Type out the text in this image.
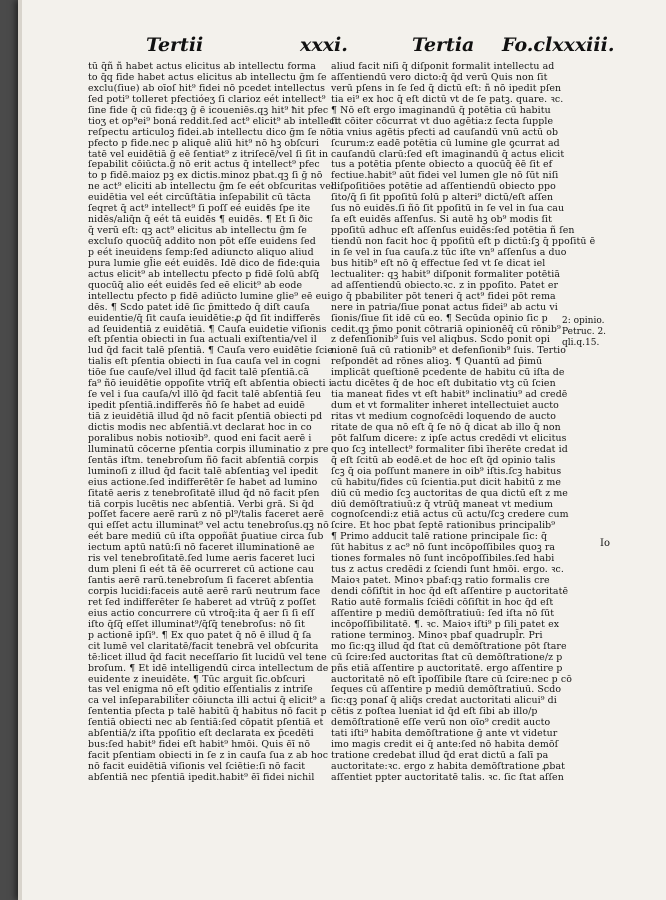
Tertii	xxxi.	Tertia Fo.clxxxiii.
tū q̄ñ ñ habet actus elicitus ab intellectu forma
to q̄q fide habet actus elicitus ab intellectu ḡm ſe
exclu(ſiue) ab oīoſ hit⁹ fidei nō pcedet intellectus
ſed poti⁹ tolleret pfectióeʒ ſi clarioz eét intellect⁹
ſine fide q̄ cū fide:qꝫ ḡ ē icoueniēs.qꝫ hit⁹ ħit pfec
tioʒ et op⁹ei⁹ boná reddit.ſed act⁹ elicit⁹ ab intellect
reſpectu articuloꝫ fidei.ab intellectu dico ḡm ſe nō
pfecto p fide.nec p aliquē aliū hit⁹ nō hꝫ obſcuri
tatē vel euidētiā ḡ eē ſentiat⁹ z itriſecē/vel ſi ſit in
ſepabilit cōiūcta.ḡ nō erit actus q̄ intellect⁹ pfec
to p fidē.maioz pꝫ ex dictis.minoz pbat.qꝫ ſi ḡ nō
ne act⁹ eliciti ab intellectu ḡm ſe eét obſcuritas vel
euidētia vel eét circūſtātia inſepabilit cū tācta
ſeqret q̄ act⁹ intellect⁹ ſi poſſ eé euidēs ſpe ite
nidēs/aliq̄n q̄ eét tā euidēs ¶ euidēs. ¶ Et ſi ðic
q̄ verū eſt: qꝫ act⁹ elicitus ab intellectu ḡm ſe
excluſo quocūq̄ addito non pōt eſſe euidens ſed
p eét ineuidens ſemp:ſed adiuncto aliquo aliud
pura lumie gl̄ie eét euidēs. Idē dico de fide:quia
actus elicit⁹ ab intellectu pfecto p fidē ſolū abſq̄
quocūq̄ alio eét euidēs ſed eē elicit⁹ ab eode
intellectu pfecto p fidē adiūcto lumine glie⁹ eē eui
dēs. ¶ Scdo patet idē ſic p̄mittedo q̄ diſt cauſa
euidentie/q̄ ſit cauſa ieuidētie:ꝓ q̄d ſit indifferēs
ad ſeuidentiā z euidētiā. ¶ Cauſa euidetie viſionis
eſt pſentia obiecti in ſua actuali exiſtentia/vel il
lud q̄d facit talē pſentiā. ¶ Cauſa vero euidētie ſcie
tialis eſt pſentia obiecti in ſua cauſa vel in cogni
tiōe ſue cauſe/vel illud q̄d facit talē pſentiā.cā
fa⁹ ñō ieuidētie oppoſite vtrīq̄ eſt abſentia obiecti i
ſe vel i ſua cauſa/vl illō q̄d facit talē abſentiā ſeu
ipedit pſentiā.indifferēs ñō ſe habet ad euidē
tiā z ieuidētiā illud q̄d nō facit pſentiā obiecti pd
dictis modis nec abſentiā.vt declarat hoc in co
poralibus nobis notioꝛib⁹. quod eni facit aerē i
lluminatū cōcerne pſentia corpis illuminatio z pre
ſentās iſtm. tenebroſum ñō facit abſentiā corpis
luminoſi z illud q̄d facit talē abſentiaꝫ vel ipedit
eius actione.ſed indifferētēr ſe habet ad lumino
ſitatē aeris z tenebroſitatē illud q̄d nō facit pſen
tiā corpis lucētis nec abſentiā. Verbi grā. Si q̄d
poſſet facere aerē rarū z nō pl⁹/talis faceret aerē
qui eſſet actu illuminat⁹ vel actu tenebroſus.qꝫ nō
eét bare mediū cū iſta oppoñāt p̄uatiue circa ſub
iectum aptū natū:ſi nō faceret illuminationē ae
ris vel tenebroſitatē.ſed lume aeris faceret luci
dum pleni ſi eét tā ēē ocurreret cū actione cau
ſantis aerē rarū.tenebroſum ſi faceret abſentia
corpis lucidi:faceis autē aerē rarū neutrum face
ret ſed indifferēter ſe haberet ad vtrūq̄ z poſſet
eius actio concurrere cū vtroq̄:ita q̄ aer ſi ſi eſſ
iſto q̄ſq̄ eſſet illuminat⁹/q̄ſq̄ tenebroſus: nō ſit
p actionē ipſi⁹. ¶ Ex quo patet q̄ nō ē illud q̄ ſa
cit lumē vel claritatē/facit tenebrā vel obſcurita
tē:licet illud q̄d facit neceſſario ſit lucidū vel tene
broſum. ¶ Et idē intelligendū circa intellectum de
euidente z ineuidēte. ¶ Tūc arguit ſic.obſcuri
tas vel enigma nō eſt ꝯditio eſſentialis z intriſe
ca vel inſeparabilit̄er cōiuncta illi actui q̄ elicit⁹ a
ſententia pſecta p talē habitū q̄ habitus nō facit p
ſentiā obiecti nec ab ſentiā:ſed cōpatit pſentiā et
abſentiā/z iſta ppoſitio eſt declarata ex p̄cedēti
bus:ſed habit⁹ fidei eſt habit⁹ hmōi. Quis ēī nō
facit pſentiam obiecti in ſe z in cauſa ſua z ab hoc
nō facit euidētiā viſionis vel ſciētie:ſi nō facit
abſentiā nec pſentiā ipedit.habit⁹ ēī fidei nichil
aliud facit niſi q̄ diſponit formalit intellectu ad
aſſentiendū vero dicto:q̄ q̄d verū Quis non ſit
verū pſens in ſe ſed q̄ dictū eſt: ñ nō ipedit pſen
tia ei⁹ ex hoc q̄ eſt dictū vt de ſe patꝫ. quare. ꝛc.
¶ Nō eſt ergo imaginandū q̄ potētia cū habitu
ſit cōiter cōcurrat vt duo agētia:z ſecta ſupple
tia vnius agētis pfecti ad cauſandū vnū actū ob
ſcurum:z eadē potētia cū lumine gle ꝯcurrat ad
cauſandū clarū:ſed eſt imaginandū q̄ actus elicit
tus a potētia pſente obiecto a quocūq̄ ēē ſit ef
fectiue.habit⁹ aūt fidei vel lumen gle nō ſūt niſi
diſpoſitiōes potētie ad aſſentiendū obiecto ppo
ſito/q̄ ſi ſit ppoſitū ſolū p alteri⁹ dictū/eſt aſſen
ſus nō euidēs.ſi ñō ſit ppoſitū in ſe vel in ſua cau
ſa eſt euidēs aſſenſus. Si autē hꝫ ob⁹ modis ſit
ppoſitū adhuc eſt aſſenſus euidēs:ſed potētia ñ ſen
tiendū non facit hoc q̄ ppoſitū eſt p dictū:ſꝫ q̄ ppoſitū ē
in ſe vel in ſua cauſa.z tūc iſte vn⁹ aſſenſus a duo
bus hitib⁹ eſt nō q̄ effectue ſed vt ſe dicat iel
lectualiter: qꝫ habit⁹ diſponit formaliter potētiā
ad aſſentiendū obiecto.ꝛc. z in ppoſito. Patet er
go q̄ pbabiliter pōt teneri q̄ act⁹ fidei pōt rema
nere in patria/ſiue ponat actus fidei⁹ ab actu vi
ſionis/ſiue ſit idē cū eo. ¶ Secūda opinio ſic p
cedit.qꝫ p̄mo ponit cōtrariā opinionēq̄ cū rōnib⁹
z defenſionib⁹ ſuis vel aliqbus. Scdo ponit opi
nionē ſuā cū rationib⁹ et defenſionib⁹ ſuis. Tertio
reſpondēt ad rōnes alioꝫ. ¶ Quantū ad p̄imū
implicāt queſtionē pcedente de habitu cū iſta de
actu dicētes q̄ de hoc eſt dubitatio vtꝫ cū ſcien
tia maneat fides vt eſt habit⁹ inclinatiu⁹ ad credē
dum et vt formaliter inheret intellectuiet aucto
ritas vt medium cognoſcēdi loquendo de aucto
ritate de qua nō eſt q̄ ſe nō q̄ dicat ab illo q̄ non
pōt falſum dicere: z ipſe actus credēdi vt elicitus
quo ſcꝫ intellect⁹ formaliter ſibi īherēte credat id
q̄ eſt ſcitū ab eodē.et de hoc eſt q̄d opinio talis
ſcꝫ q̄ oia poſſunt manere in oib⁹ iſtis.ſcꝫ habitus
cū habitu/fides cū ſcientia.put dicit habitū z me
diū cū medio ſcꝫ auctoritas de qua dictū eſt z me
diū demōſtratiuū:z q̄ vtrūq̄ maneat vt medium
cognoſcendi:z etiā actus cū actu/ſcꝫ credere cum
ſcire. Et hoc pbat ſeptē rationibus principalib⁹
¶ Primo adducit talē ratione principale ſic: q̄
ſūt habitus z ac⁹ nō ſunt incōpoſſibiles quoꝫ ra
tiones formales nō ſunt incōpoſſibiles.ſed habi
tus z actus credēdi z ſciendi ſunt hmōi. ergo. ꝛc.
Maioꝛ patet. Minoꝛ pbaf:qꝫ ratio formalis cre
dendi cōſiſtit in hoc q̄d eſt aſſentire p auctoritatē
Ratio autē formalis ſciēdi cōſiſtit in hoc q̄d eſt
aſſentire p mediū demōſtratiuū: ſed iſta nō ſūt
incōpoſſibilitatē. ¶. ꝛc. Maioꝛ iſti⁹ p ſili patet ex
ratione terminoꝫ. Minoꝛ pbaf quadrupl̄r. Pri
mo ſic:qꝫ illud q̄d ſtat cū demōſtratione pōt ſtare
cū ſcire:ſed auctoritas ſtat cū demōſtratione/z p
pñs etiā aſſentire p auctoritatē. ergo aſſentire p
auctoritatē nō eſt īpoſſibile ſtare cū ſcire:nec p cō
ſeques cū aſſentire p mediū demōſtratiuū. Scdo
ſic:qꝫ ponaſ q̄ aliq̄s credat auctoritati alicui⁹ di
cētis z poſtea lueniat id q̄d eſt ſibi ab illo/p
demōſtrationē eſſe verū non oīo⁹ credit aucto
tati iſti⁹ habita demōſtratione ḡ ante vt videtur
imo magis credit ei q̄ ante:ſed nō habita demōſ
tratione credebat illud q̄d erat dictū a ſalī pa
auctoritate:ꝛc. ergo z habita demōſtratione ꝓbat
aſſentiet ppter auctoritatē talis. ꝛc. ſic ſtat aſſen
2: opinio.
Petruc. 2.
qli.q.15.
Io
